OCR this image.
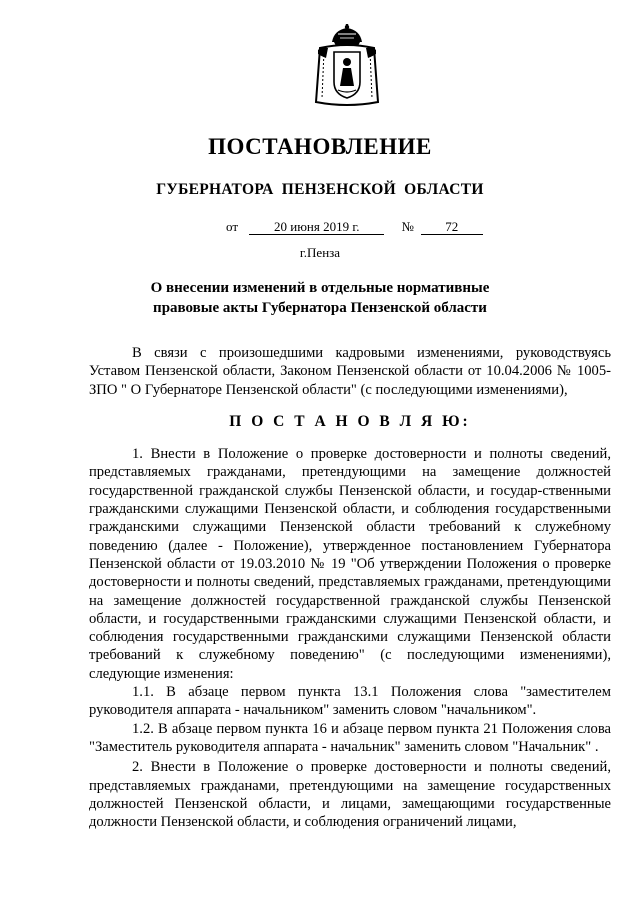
ПОСТАНОВЛЕНИЕ
ГУБЕРНАТОРА ПЕНЗЕНСКОЙ ОБЛАСТИ
от	20 июня 2019 г.	№ 72
г.Пенза
О внесении изменений в отдельные нормативные
правовые акты Губернатора Пензенской области

В связи с произошедшими кадровыми изменениями, руководствуясь Уставом Пензенской области, Законом Пензенской области от 10.04.2006 № 1005-ЗПО " О Губернаторе Пензенской области" (с последующими изменениями),

П О С Т А Н О В Л Я Ю:

1. Внести в Положение о проверке достоверности и полноты сведений, представляемых гражданами, претендующими на замещение должностей государственной гражданской службы Пензенской области, и государ-ственными гражданскими служащими Пензенской области, и соблюдения государственными гражданскими служащими Пензенской области требований к служебному поведению (далее - Положение), утвержденное постановлением Губернатора Пензенской области от 19.03.2010 № 19 "Об утверждении Положения о проверке достоверности и полноты сведений, представляемых гражданами, претендующими на замещение должностей государственной гражданской службы Пензенской области, и государственными гражданскими служащими Пензенской области, и соблюдения государственными гражданскими служащими Пензенской области требований к служебному поведению" (с последующими изменениями), следующие изменения:

1.1. В абзаце первом пункта 13.1 Положения слова "заместителем руководителя аппарата - начальником" заменить словом "начальником".

1.2. В абзаце первом пункта 16 и абзаце первом пункта 21 Положения слова "Заместитель руководителя аппарата - начальник" заменить словом "Начальник" .

2. Внести в Положение о проверке достоверности и полноты сведений, представляемых гражданами, претендующими на замещение государственных должностей Пензенской области, и лицами, замещающими государственные должности Пензенской области, и соблюдения ограничений лицами,
